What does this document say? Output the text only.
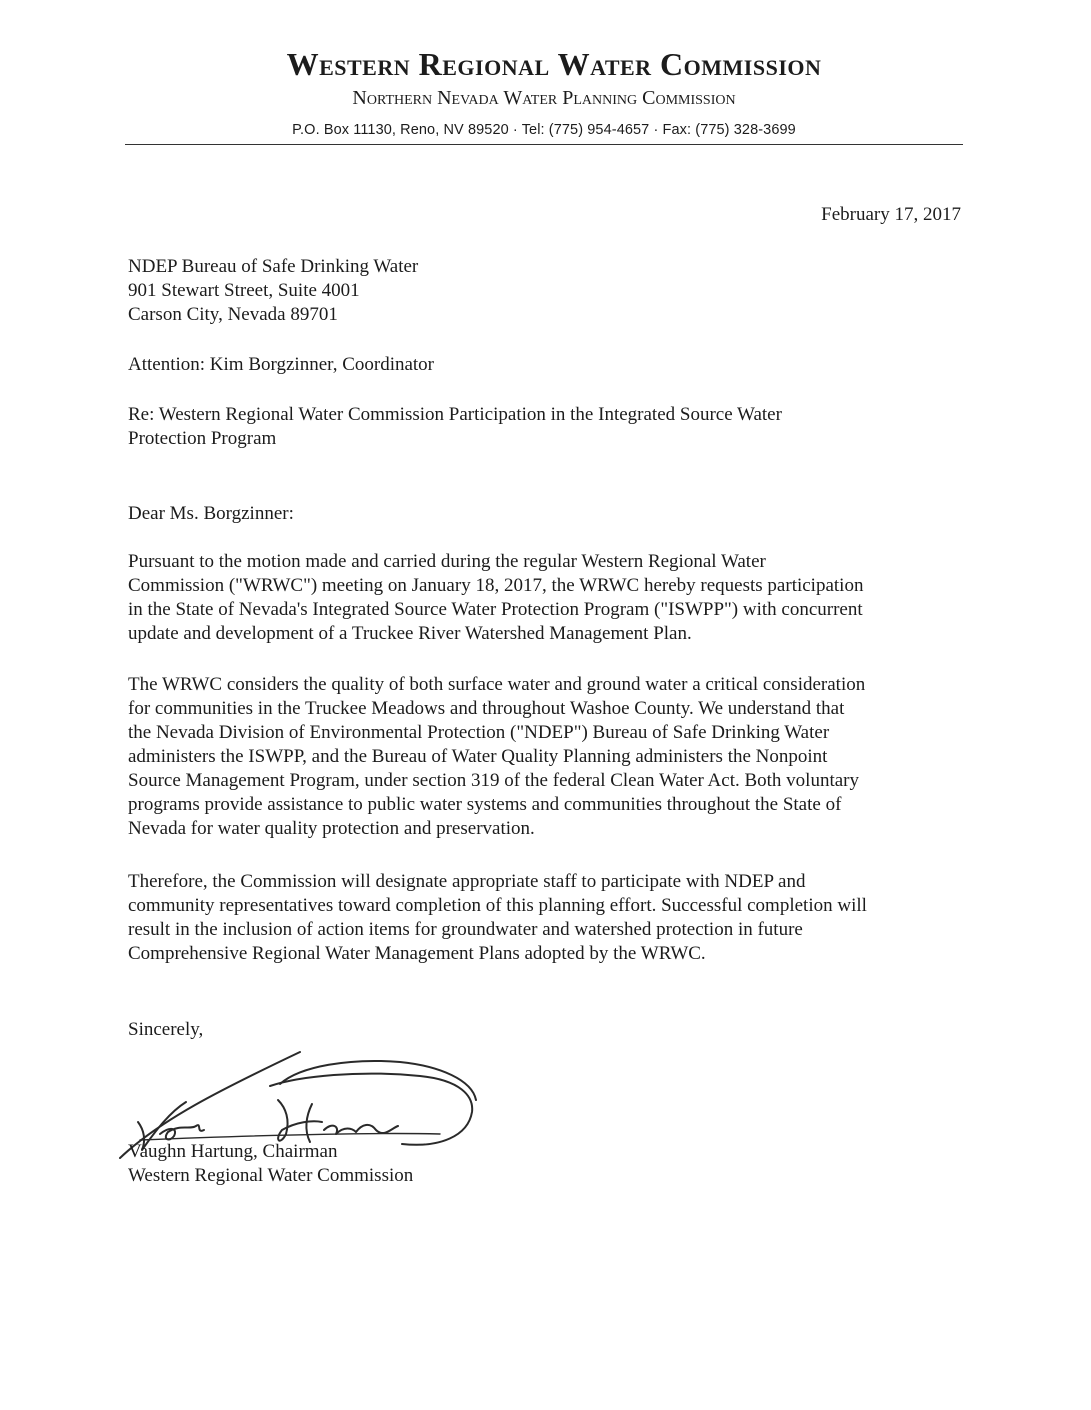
Western Regional Water Commission
Northern Nevada Water Planning Commission
P.O. Box 11130, Reno, NV 89520 · Tel: (775) 954-4657 · Fax: (775) 328-3699
February 17, 2017
NDEP Bureau of Safe Drinking Water
901 Stewart Street, Suite 4001
Carson City, Nevada 89701
Attention: Kim Borgzinner, Coordinator
Re: Western Regional Water Commission Participation in the Integrated Source Water
Protection Program
Dear Ms. Borgzinner:
Pursuant to the motion made and carried during the regular Western Regional Water
Commission ("WRWC") meeting on January 18, 2017, the WRWC hereby requests participation
in the State of Nevada's Integrated Source Water Protection Program ("ISWPP") with concurrent
update and development of a Truckee River Watershed Management Plan.
The WRWC considers the quality of both surface water and ground water a critical consideration
for communities in the Truckee Meadows and throughout Washoe County. We understand that
the Nevada Division of Environmental Protection ("NDEP") Bureau of Safe Drinking Water
administers the ISWPP, and the Bureau of Water Quality Planning administers the Nonpoint
Source Management Program, under section 319 of the federal Clean Water Act. Both voluntary
programs provide assistance to public water systems and communities throughout the State of
Nevada for water quality protection and preservation.
Therefore, the Commission will designate appropriate staff to participate with NDEP and
community representatives toward completion of this planning effort. Successful completion will
result in the inclusion of action items for groundwater and watershed protection in future
Comprehensive Regional Water Management Plans adopted by the WRWC.
Sincerely,
Vaughn Hartung, Chairman
Western Regional Water Commission
